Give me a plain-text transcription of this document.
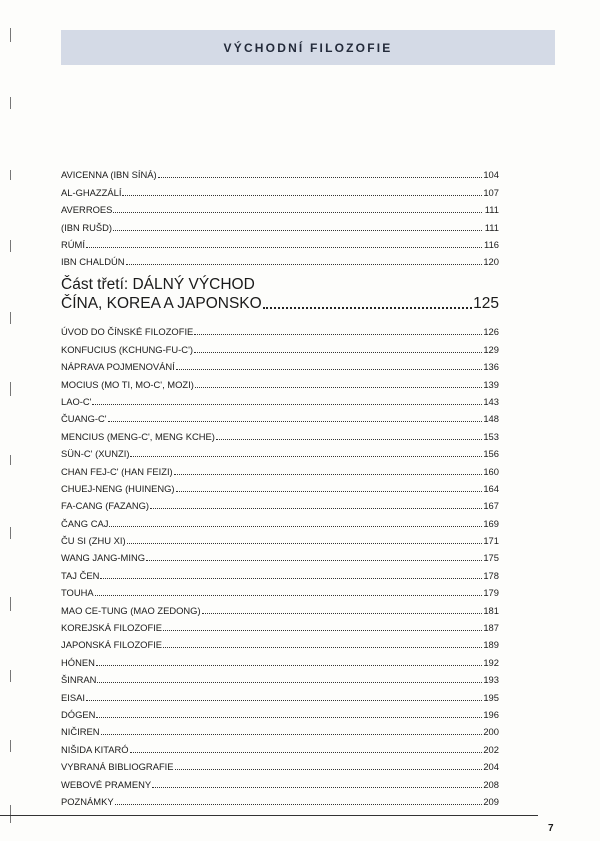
VÝCHODNÍ FILOZOFIE
AVICENNA (IBN SÍNÁ)	104
AL-GHAZZÁLÍ	107
AVERROES	111
(IBN RUŠD)	111
RÚMÍ	116
IBN CHALDÚN	120
Část třetí: DÁLNÝ VÝCHOD
ČÍNA, KOREA A JAPONSKO	125
ÚVOD DO ČÍNSKÉ FILOZOFIE	126
KONFUCIUS (KCHUNG-FU-C')	129
NÁPRAVA POJMENOVÁNÍ	136
MOCIUS (MO TI, MO-C', MOZI)	139
LAO-C'	143
ČUANG-C'	148
MENCIUS (MENG-C', MENG KCHE)	153
SÜN-C' (XUNZI)	156
CHAN FEJ-C' (HAN FEIZI)	160
CHUEJ-NENG (HUINENG)	164
FA-CANG (FAZANG)	167
ČANG CAJ	169
ČU SI (ZHU XI)	171
WANG JANG-MING	175
TAJ ČEN	178
TOUHA	179
MAO CE-TUNG (MAO ZEDONG)	181
KOREJSKÁ FILOZOFIE	187
JAPONSKÁ FILOZOFIE	189
HÓNEN	192
ŠINRAN	193
EISAI	195
DÓGEN	196
NIČIREN	200
NIŠIDA KITARÓ	202
VYBRANÁ BIBLIOGRAFIE	204
WEBOVÉ PRAMENY	208
POZNÁMKY	209
7
